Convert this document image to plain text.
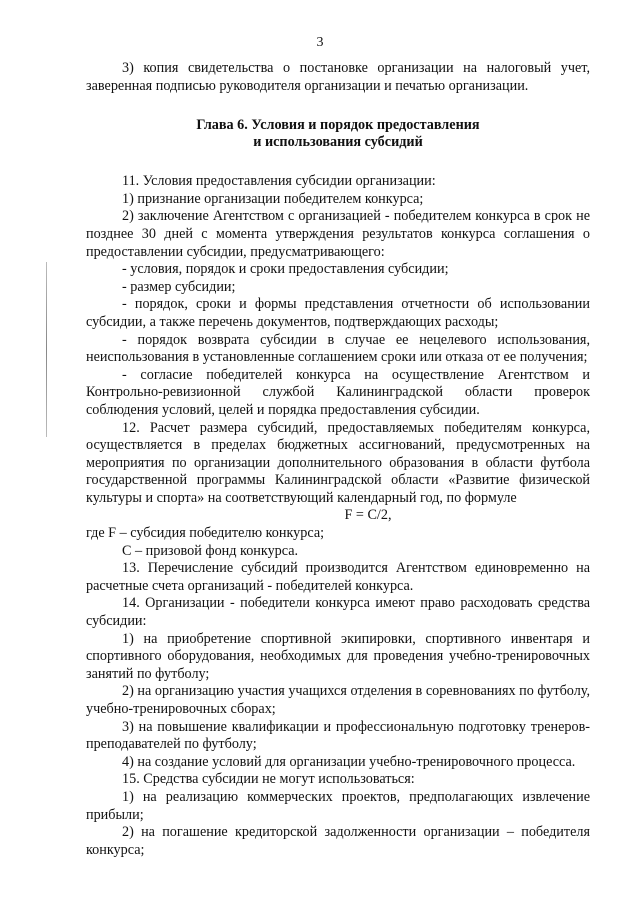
3

3) копия свидетельства о постановке организации на налоговый учет, заверенная подписью руководителя организации и печатью организации.

Глава 6. Условия и порядок предоставления
и использования субсидий

11. Условия предоставления субсидии организации:

1) признание организации победителем конкурса;

2) заключение Агентством с организацией - победителем конкурса в срок не позднее 30 дней с момента утверждения результатов конкурса соглашения о предоставлении субсидии, предусматривающего:

- условия, порядок и сроки предоставления субсидии;

- размер субсидии;

- порядок, сроки и формы представления отчетности об использовании субсидии, а также перечень документов, подтверждающих расходы;

- порядок возврата субсидии в случае ее нецелевого использования, неиспользования в установленные соглашением сроки или отказа от ее получения;

- согласие победителей конкурса на осуществление Агентством и Контрольно-ревизионной службой Калининградской области проверок соблюдения условий, целей и порядка предоставления субсидии.

12. Расчет размера субсидий, предоставляемых победителям конкурса, осуществляется в пределах бюджетных ассигнований, предусмотренных на мероприятия по организации дополнительного образования в области футбола государственной программы Калининградской области «Развитие физической культуры и спорта» на соответствующий календарный год, по формуле

F = C/2,

где F – субсидия победителю конкурса;

С – призовой фонд конкурса.

13. Перечисление субсидий производится Агентством единовременно на расчетные счета организаций - победителей конкурса.

14. Организации - победители конкурса имеют право расходовать средства субсидии:

1) на приобретение спортивной экипировки, спортивного инвентаря и спортивного оборудования, необходимых для проведения учебно-тренировочных занятий по футболу;

2) на организацию участия учащихся отделения в соревнованиях по футболу, учебно-тренировочных сборах;

3) на повышение квалификации и профессиональную подготовку тренеров-преподавателей по футболу;

4) на создание условий для организации учебно-тренировочного процесса.

15. Средства субсидии не могут использоваться:

1) на реализацию коммерческих проектов, предполагающих извлечение прибыли;

2) на погашение кредиторской задолженности организации – победителя конкурса;
